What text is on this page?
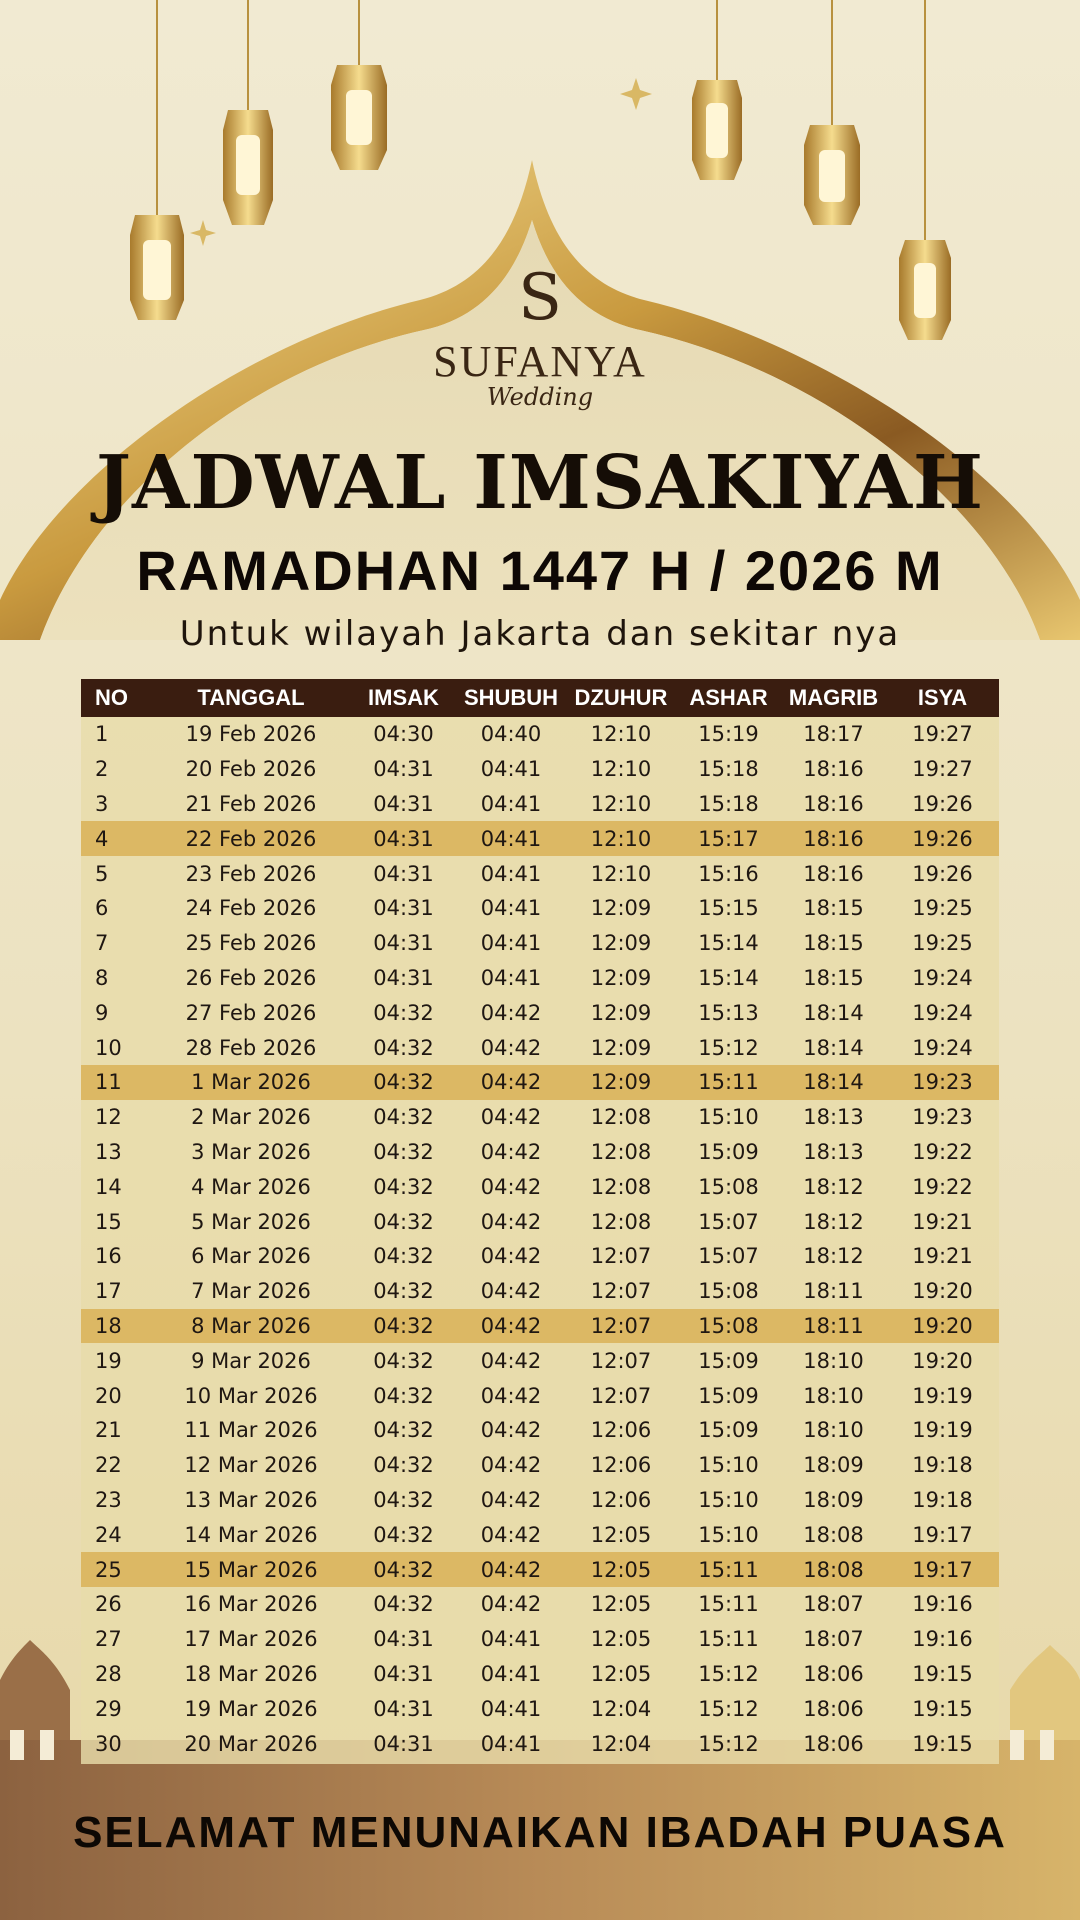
S
SUFANYA
Wedding
JADWAL IMSAKIYAH
RAMADHAN 1447 H / 2026 M
Untuk wilayah Jakarta dan sekitar nya
NO	TANGGAL	IMSAK	SHUBUH	DZUHUR	ASHAR	MAGRIB	ISYA
1	19 Feb 2026	04:30	04:40	12:10	15:19	18:17	19:27
2	20 Feb 2026	04:31	04:41	12:10	15:18	18:16	19:27
3	21 Feb 2026	04:31	04:41	12:10	15:18	18:16	19:26
4	22 Feb 2026	04:31	04:41	12:10	15:17	18:16	19:26
5	23 Feb 2026	04:31	04:41	12:10	15:16	18:16	19:26
6	24 Feb 2026	04:31	04:41	12:09	15:15	18:15	19:25
7	25 Feb 2026	04:31	04:41	12:09	15:14	18:15	19:25
8	26 Feb 2026	04:31	04:41	12:09	15:14	18:15	19:24
9	27 Feb 2026	04:32	04:42	12:09	15:13	18:14	19:24
10	28 Feb 2026	04:32	04:42	12:09	15:12	18:14	19:24
11	1 Mar 2026	04:32	04:42	12:09	15:11	18:14	19:23
12	2 Mar 2026	04:32	04:42	12:08	15:10	18:13	19:23
13	3 Mar 2026	04:32	04:42	12:08	15:09	18:13	19:22
14	4 Mar 2026	04:32	04:42	12:08	15:08	18:12	19:22
15	5 Mar 2026	04:32	04:42	12:08	15:07	18:12	19:21
16	6 Mar 2026	04:32	04:42	12:07	15:07	18:12	19:21
17	7 Mar 2026	04:32	04:42	12:07	15:08	18:11	19:20
18	8 Mar 2026	04:32	04:42	12:07	15:08	18:11	19:20
19	9 Mar 2026	04:32	04:42	12:07	15:09	18:10	19:20
20	10 Mar 2026	04:32	04:42	12:07	15:09	18:10	19:19
21	11 Mar 2026	04:32	04:42	12:06	15:09	18:10	19:19
22	12 Mar 2026	04:32	04:42	12:06	15:10	18:09	19:18
23	13 Mar 2026	04:32	04:42	12:06	15:10	18:09	19:18
24	14 Mar 2026	04:32	04:42	12:05	15:10	18:08	19:17
25	15 Mar 2026	04:32	04:42	12:05	15:11	18:08	19:17
26	16 Mar 2026	04:32	04:42	12:05	15:11	18:07	19:16
27	17 Mar 2026	04:31	04:41	12:05	15:11	18:07	19:16
28	18 Mar 2026	04:31	04:41	12:05	15:12	18:06	19:15
29	19 Mar 2026	04:31	04:41	12:04	15:12	18:06	19:15
30	20 Mar 2026	04:31	04:41	12:04	15:12	18:06	19:15
SELAMAT MENUNAIKAN IBADAH PUASA
